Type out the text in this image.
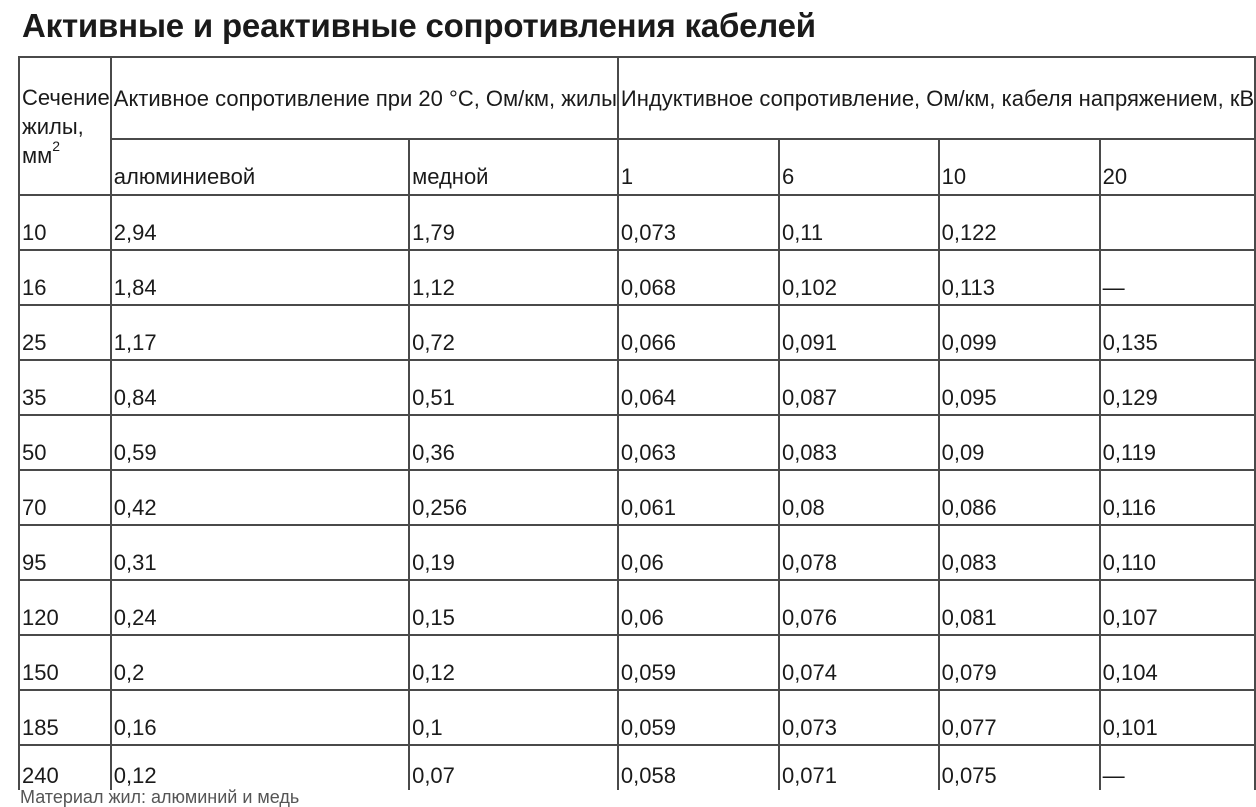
Активные и реактивные сопротивления кабелей
Сечение
жилы,
$мм^2$	Активное сопротивление при 20 °С, Ом/км, жилы		Индуктивное сопротивление, Ом/км, кабеля напряжением, кВ			
	алюминиевой	медной	1	6	10	20
10	2,94	1,79	0,073	0,11	0,122	
16	1,84	1,12	0,068	0,102	0,113	—
25	1,17	0,72	0,066	0,091	0,099	0,135
35	0,84	0,51	0,064	0,087	0,095	0,129
50	0,59	0,36	0,063	0,083	0,09	0,119
70	0,42	0,256	0,061	0,08	0,086	0,116
95	0,31	0,19	0,06	0,078	0,083	0,110
120	0,24	0,15	0,06	0,076	0,081	0,107
150	0,2	0,12	0,059	0,074	0,079	0,104
185	0,16	0,1	0,059	0,073	0,077	0,101
240	0,12	0,07	0,058	0,071	0,075	—
Материал жил: алюминий и медь
